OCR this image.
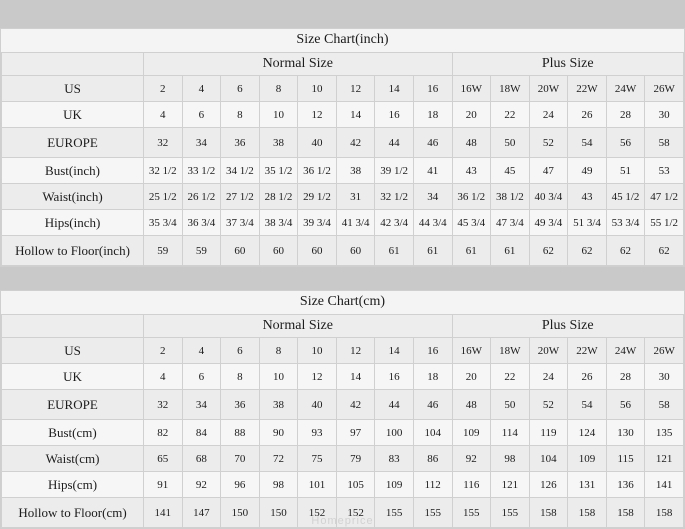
Size Chart(inch)
	Normal Size								Plus Size					
US	2	4	6	8	10	12	14	16	16W	18W	20W	22W	24W	26W
UK	4	6	8	10	12	14	16	18	20	22	24	26	28	30
EUROPE	32	34	36	38	40	42	44	46	48	50	52	54	56	58
Bust(inch)	32 1/2	33 1/2	34 1/2	35 1/2	36 1/2	38	39 1/2	41	43	45	47	49	51	53
Waist(inch)	25 1/2	26 1/2	27 1/2	28 1/2	29 1/2	31	32 1/2	34	36 1/2	38 1/2	40 3/4	43	45 1/2	47 1/2
Hips(inch)	35 3/4	36 3/4	37 3/4	38 3/4	39 3/4	41 3/4	42 3/4	44 3/4	45 3/4	47 3/4	49 3/4	51 3/4	53 3/4	55 1/2
Hollow to Floor(inch)	59	59	60	60	60	60	61	61	61	61	62	62	62	62
Size Chart(cm)
	Normal Size								Plus Size					
US	2	4	6	8	10	12	14	16	16W	18W	20W	22W	24W	26W
UK	4	6	8	10	12	14	16	18	20	22	24	26	28	30
EUROPE	32	34	36	38	40	42	44	46	48	50	52	54	56	58
Bust(cm)	82	84	88	90	93	97	100	104	109	114	119	124	130	135
Waist(cm)	65	68	70	72	75	79	83	86	92	98	104	109	115	121
Hips(cm)	91	92	96	98	101	105	109	112	116	121	126	131	136	141
Hollow to Floor(cm)	141	147	150	150	152	152	155	155	155	155	158	158	158	158
Homeprice
